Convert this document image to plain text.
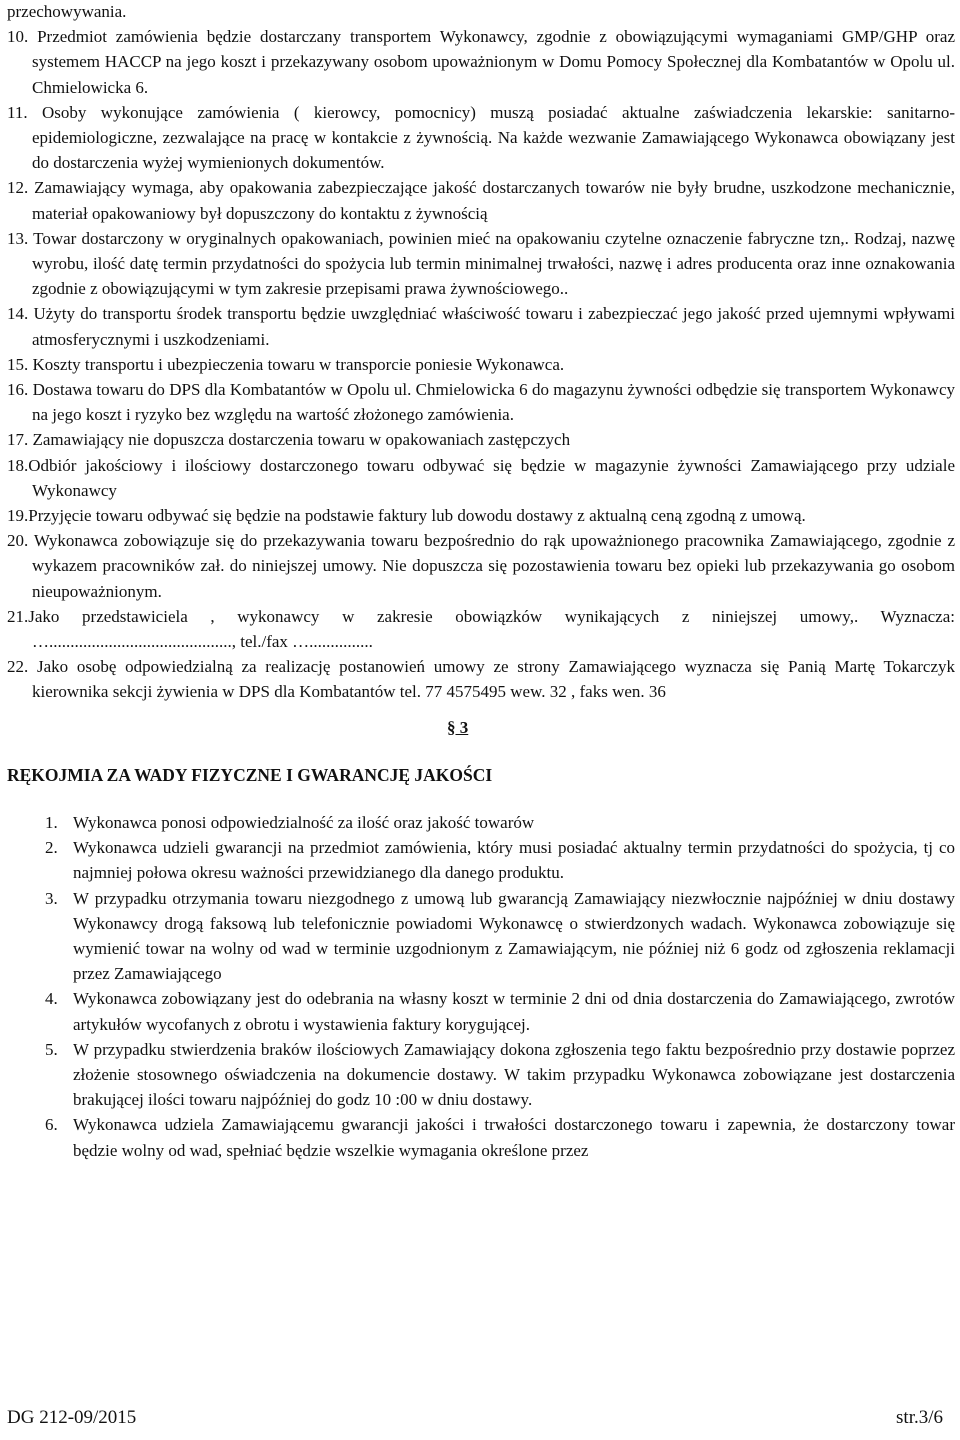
przechowywania.

10. Przedmiot zamówienia będzie dostarczany transportem Wykonawcy, zgodnie z obowiązującymi wymaganiami GMP/GHP oraz systemem HACCP na jego koszt i przekazywany osobom upoważnionym w Domu Pomocy Społecznej dla Kombatantów w Opolu ul. Chmielowicka 6.

11. Osoby wykonujące zamówienia ( kierowcy, pomocnicy) muszą posiadać aktualne zaświadczenia lekarskie: sanitarno-epidemiologiczne, zezwalające na pracę w kontakcie z żywnością. Na każde wezwanie Zamawiającego Wykonawca obowiązany jest do dostarczenia wyżej wymienionych dokumentów.

12. Zamawiający wymaga, aby opakowania zabezpieczające jakość dostarczanych towarów nie były brudne, uszkodzone mechanicznie, materiał opakowaniowy był dopuszczony do kontaktu z żywnością

13. Towar dostarczony w oryginalnych opakowaniach, powinien mieć na opakowaniu czytelne oznaczenie fabryczne tzn,. Rodzaj, nazwę wyrobu, ilość datę termin przydatności do spożycia lub termin minimalnej trwałości, nazwę i adres producenta oraz inne oznakowania zgodnie z obowiązującymi w tym zakresie przepisami prawa żywnościowego..

14. Użyty do transportu środek transportu będzie uwzględniać właściwość towaru i zabezpieczać jego jakość przed ujemnymi wpływami atmosferycznymi i uszkodzeniami.

15. Koszty transportu i ubezpieczenia towaru w transporcie poniesie Wykonawca.

16. Dostawa towaru do DPS dla Kombatantów w Opolu ul. Chmielowicka 6 do magazynu żywności odbędzie się transportem Wykonawcy na jego koszt i ryzyko bez względu na wartość złożonego zamówienia.

17. Zamawiający nie dopuszcza dostarczenia towaru w opakowaniach zastępczych

18.Odbiór jakościowy i ilościowy dostarczonego towaru odbywać się będzie w magazynie żywności Zamawiającego przy udziale Wykonawcy

19.Przyjęcie towaru odbywać się będzie na podstawie faktury lub dowodu dostawy z aktualną ceną zgodną z umową.

20. Wykonawca zobowiązuje się do przekazywania towaru bezpośrednio do rąk upoważnionego pracownika Zamawiającego, zgodnie z wykazem pracowników zał. do niniejszej umowy. Nie dopuszcza się pozostawienia towaru bez opieki lub przekazywania go osobom nieupoważnionym.

21.Jako przedstawiciela , wykonawcy w zakresie obowiązków wynikających z niniejszej umowy,. Wyznacza: …..........................................., tel./fax …...............

22. Jako osobę odpowiedzialną za realizację postanowień umowy ze strony Zamawiającego wyznacza się Panią Martę Tokarczyk kierownika sekcji żywienia w DPS dla Kombatantów tel. 77 4575495 wew. 32 , faks wen. 36

§ 3
RĘKOJMIA ZA WADY FIZYCZNE I GWARANCJĘ JAKOŚCI
1. Wykonawca ponosi odpowiedzialność za ilość oraz jakość towarów
2. Wykonawca udzieli gwarancji na przedmiot zamówienia, który musi posiadać aktualny termin przydatności do spożycia, tj co najmniej połowa okresu ważności przewidzianego dla danego produktu.
3. W przypadku otrzymania towaru niezgodnego z umową lub gwarancją Zamawiający niezwłocznie najpóźniej w dniu dostawy Wykonawcy drogą faksową lub telefonicznie powiadomi Wykonawcę o stwierdzonych wadach. Wykonawca zobowiązuje się wymienić towar na wolny od wad w terminie uzgodnionym z Zamawiającym, nie później niż 6 godz od zgłoszenia reklamacji przez Zamawiającego
4. Wykonawca zobowiązany jest do odebrania na własny koszt w terminie 2 dni od dnia dostarczenia do Zamawiającego, zwrotów artykułów wycofanych z obrotu i wystawienia faktury korygującej.
5. W przypadku stwierdzenia braków ilościowych Zamawiający dokona zgłoszenia tego faktu bezpośrednio przy dostawie poprzez złożenie stosownego oświadczenia na dokumencie dostawy. W takim przypadku Wykonawca zobowiązane jest dostarczenia brakującej ilości towaru najpóźniej do godz 10 :00 w dniu dostawy.
6. Wykonawca udziela Zamawiającemu gwarancji jakości i trwałości dostarczonego towaru i zapewnia, że dostarczony towar będzie wolny od wad, spełniać będzie wszelkie wymagania określone przez
DG 212-09/2015	str.3/6
